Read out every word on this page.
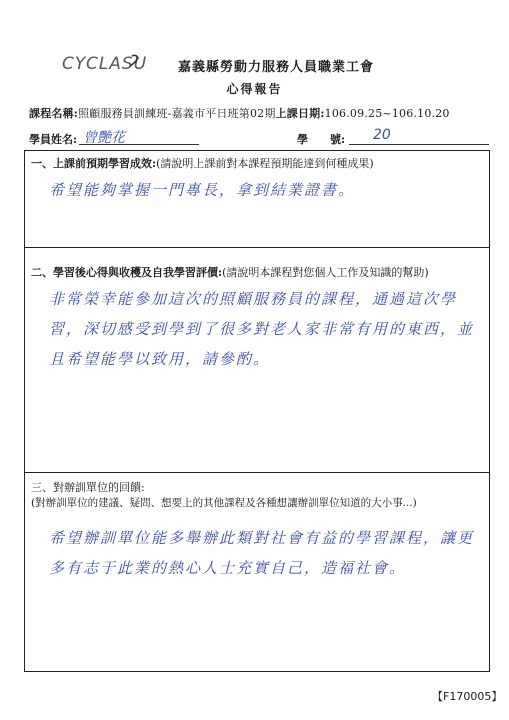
CYCLASU 嘉義縣勞動力服務人員職業工會
心得報告
課程名稱:照顧服務員訓練班-嘉義市平日班第02期上課日期:106.09.25~106.10.20
學員姓名: 曾艷花	學　　號: 20
一、上課前預期學習成效:(請說明上課前對本課程預期能達到何種成果)
希望能夠掌握一門專長，拿到結業證書。
二、學習後心得與收穫及自我學習評價:(請說明本課程對您個人工作及知識的幫助)
非常榮幸能參加這次的照顧服務員的課程，通過這次學習，深切感受到學到了很多對老人家非常有用的東西，並且希望能學以致用，請參酌。
三、對辦訓單位的回饋:
(對辦訓單位的建議、疑問、想要上的其他課程及各種想讓辦訓單位知道的大小事...)
希望辦訓單位能多舉辦此類對社會有益的學習課程，讓更多有志于此業的熱心人士充實自己，造福社會。
【F170005】
